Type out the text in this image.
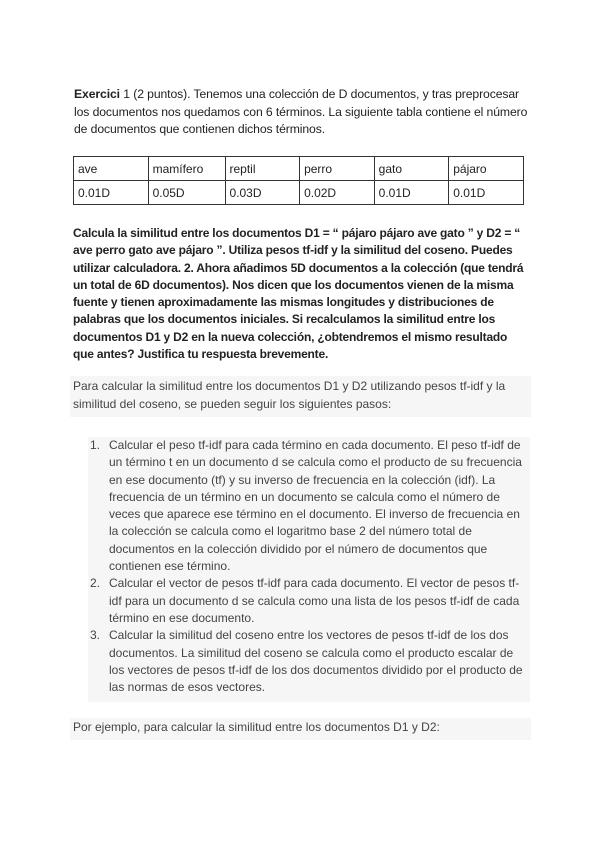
Exercici 1 (2 puntos). Tenemos una colección de D documentos, y tras preprocesar los documentos nos quedamos con 6 términos. La siguiente tabla contiene el número de documentos que contienen dichos términos.

ave	mamífero	reptil	perro	gato	pájaro
0.01D	0.05D	0.03D	0.02D	0.01D	0.01D

Calcula la similitud entre los documentos D1 = “ pájaro pájaro ave gato ” y D2 = “ ave perro gato ave pájaro ”. Utiliza pesos tf-idf y la similitud del coseno. Puedes utilizar calculadora. 2. Ahora añadimos 5D documentos a la colección (que tendrá un total de 6D documentos). Nos dicen que los documentos vienen de la misma fuente y tienen aproximadamente las mismas longitudes y distribuciones de palabras que los documentos iniciales. Si recalculamos la similitud entre los documentos D1 y D2 en la nueva colección, ¿obtendremos el mismo resultado que antes? Justifica tu respuesta brevemente.

Para calcular la similitud entre los documentos D1 y D2 utilizando pesos tf-idf y la similitud del coseno, se pueden seguir los siguientes pasos:

1. Calcular el peso tf-idf para cada término en cada documento. El peso tf-idf de un término t en un documento d se calcula como el producto de su frecuencia en ese documento (tf) y su inverso de frecuencia en la colección (idf). La frecuencia de un término en un documento se calcula como el número de veces que aparece ese término en el documento. El inverso de frecuencia en la colección se calcula como el logaritmo base 2 del número total de documentos en la colección dividido por el número de documentos que contienen ese término.
2. Calcular el vector de pesos tf-idf para cada documento. El vector de pesos tf-idf para un documento d se calcula como una lista de los pesos tf-idf de cada término en ese documento.
3. Calcular la similitud del coseno entre los vectores de pesos tf-idf de los dos documentos. La similitud del coseno se calcula como el producto escalar de los vectores de pesos tf-idf de los dos documentos dividido por el producto de las normas de esos vectores.

Por ejemplo, para calcular la similitud entre los documentos D1 y D2:
